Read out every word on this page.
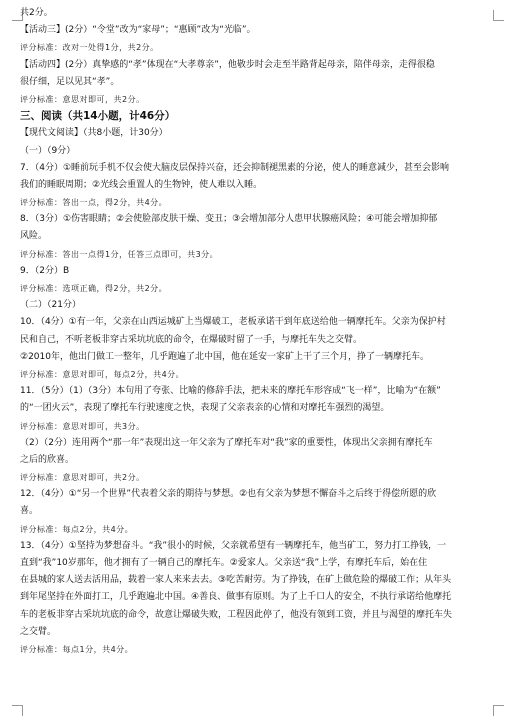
共2分。
【活动三】(2分）“令堂”改为“家母”；“惠顾”改为“光临”。
评分标准：改对一处得1分，共2分。
【活动四】(2分）真挚感的“孝”体现在“大孝尊亲”，他敬步时会走至半路背起母亲，陪伴母亲，走得很稳
很仔细，足以见其“孝”。
评分标准：意思对即可，共2分。
三、阅读（共14小题，计46分）
【现代文阅读】（共8小题，计30分）
（一）（9分）
7．（4分）①睡前玩手机不仅会使大脑皮层保持兴奋，还会抑制褪黑素的分泌，使人的睡意减少，甚至会影响
我们的睡眠周期；②光线会重置人的生物钟，使人难以入睡。
评分标准：答出一点，得2分，共4分。
8．（3分）①伤害眼睛；②会使脸部皮肤干燥、变丑；③会增加部分人患甲状腺癌风险；④可能会增加抑郁
风险。
评分标准：答出一点得1分，任答三点即可，共3分。
9．（2分）B
评分标准：选项正确，得2分，共2分。
（二）（21分）
10．（4分）①有一年，父亲在山西运城矿上当爆破工，老板承诺干到年底送给他一辆摩托车。父亲为保护村
民和自己，不听老板非穿古采坑坑底的命令，在爆破时留了一手，与摩托车失之交臂。
②2010年，他出门做工一整年，几乎跑遍了北中国，他在延安一家矿上干了三个月，挣了一辆摩托车。
评分标准：意思对即可，每点2分，共4分。
11．（5分）（1）（3分）本句用了夸张、比喻的修辞手法，把未来的摩托车形容成“飞一样”，比喻为“在额”
的“一团火云”，表现了摩托车行驶速度之快，表现了父亲表亲的心情和对摩托车强烈的渴望。
评分标准：意思对即可，共3分。
（2）（2分）连用两个“那一年”表现出这一年父亲为了摩托车对“我”家的重要性，体现出父亲拥有摩托车
之后的欣喜。
评分标准：意思对即可，共2分。
12．（4分）①“另一个世界”代表着父亲的期待与梦想。②也有父亲为梦想不懈奋斗之后终于得偿所愿的欣
喜。
评分标准：每点2分，共4分。
13．（4分）①坚持为梦想奋斗。“我”很小的时候，父亲就希望有一辆摩托车，他当矿工，努力打工挣钱，一
直到“我”10岁那年，他才拥有了一辆自己的摩托车。②爱家人。父亲送“我”上学，有摩托车后，始在住
在县城的家人送去活用品，载着一家人来来去去。③吃苦耐劳。为了挣钱，在矿上做危险的爆破工作；从年头
到年尾坚持在外面打工，几乎跑遍北中国。④善良、做事有原则。为了上千口人的安全，不执行承诺给他摩托
车的老板非穿古采坑坑底的命令，故意让爆破失败，工程因此停了，他没有领到工资，并且与渴望的摩托车失
之交臂。
评分标准：每点1分，共4分。
